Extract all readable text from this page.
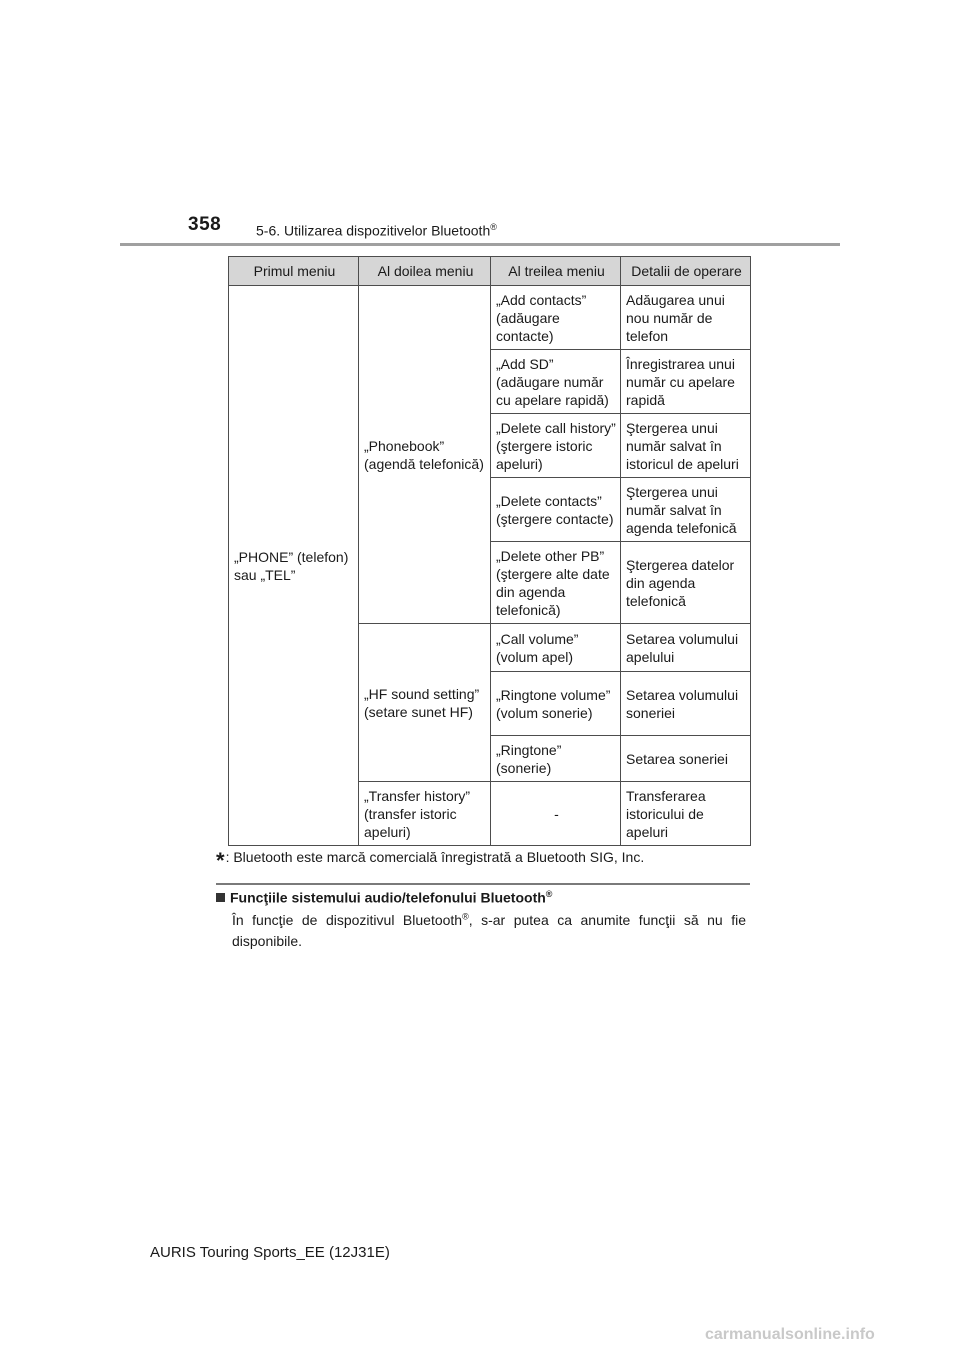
358 5-6. Utilizarea dispozitivelor Bluetooth®
Primul meniu	Al doilea meniu	Al treilea meniu	Detalii de operare
„PHONE” (telefon) sau „TEL”	„Phonebook” (agendă telefonică)	„Add contacts” (adăugare contacte)	Adăugarea unui nou număr de telefon
		„Add SD” (adăugare număr cu apelare rapidă)	Înregistrarea unui număr cu apelare rapidă
		„Delete call history” (ştergere istoric apeluri)	Ştergerea unui număr salvat în istoricul de apeluri
		„Delete contacts” (ştergere contacte)	Ştergerea unui număr salvat în agenda telefonică
		„Delete other PB” (ştergere alte date din agenda telefonică)	Ştergerea datelor din agenda telefonică
	„HF sound setting” (setare sunet HF)	„Call volume” (volum apel)	Setarea volumului apelului
		„Ringtone volume” (volum sonerie)	Setarea volumului soneriei
		„Ringtone” (sonerie)	Setarea soneriei
	„Transfer history” (transfer istoric apeluri)	-	Transferarea istoricului de apeluri
*: Bluetooth este marcă comercială înregistrată a Bluetooth SIG, Inc.
Funcţiile sistemului audio/telefonului Bluetooth®
În funcţie de dispozitivul Bluetooth®, s-ar putea ca anumite funcţii să nu fie disponibile.
AURIS Touring Sports_EE (12J31E)
carmanualsonline.info
